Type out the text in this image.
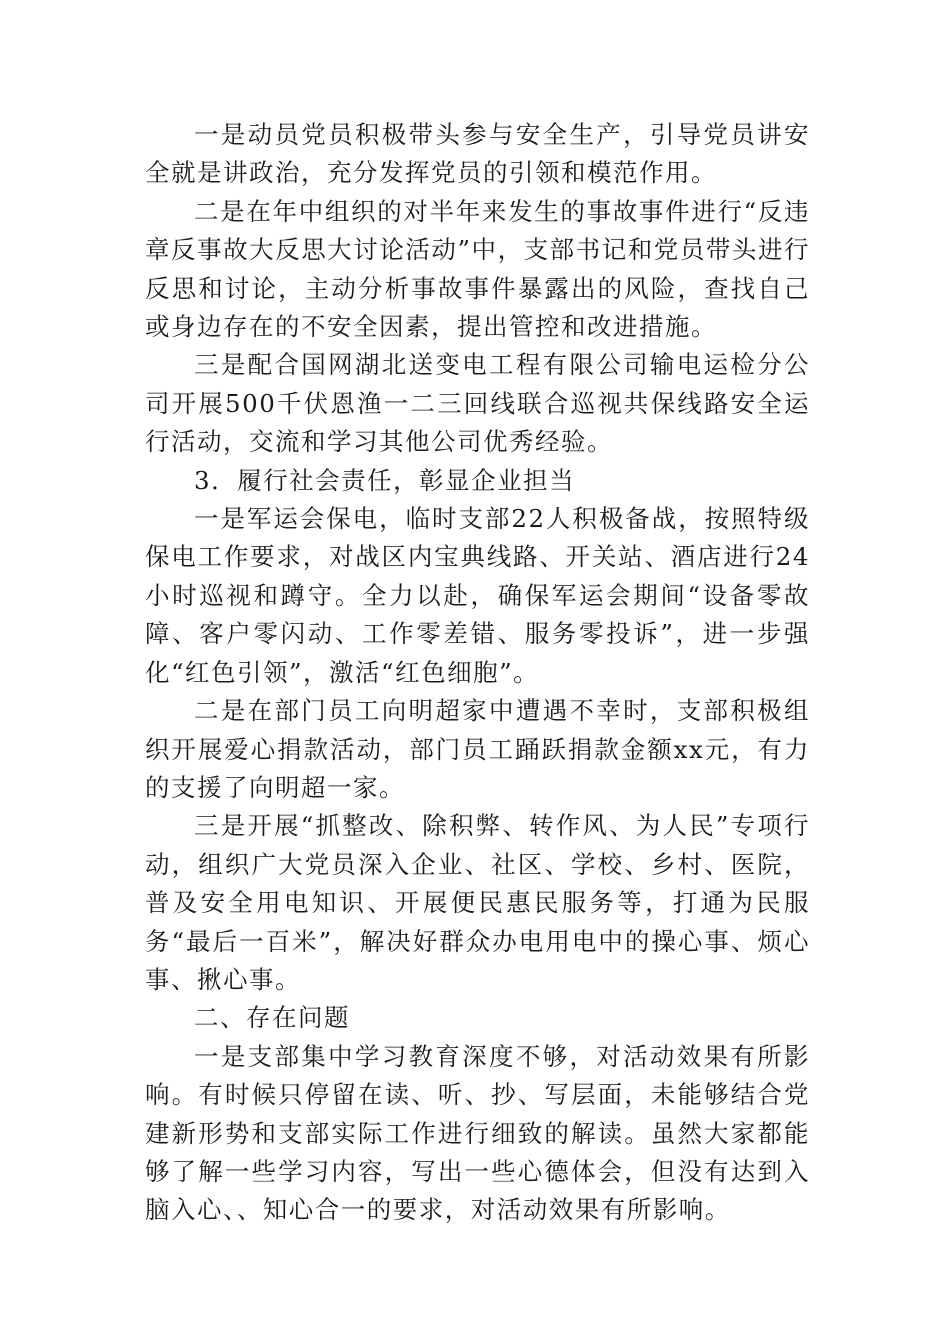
一是动员党员积极带头参与安全生产，引导党员讲安全就是讲政治，充分发挥党员的引领和模范作用。

二是在年中组织的对半年来发生的事故事件进行“反违章反事故大反思大讨论活动”中，支部书记和党员带头进行反思和讨论，主动分析事故事件暴露出的风险，查找自己或身边存在的不安全因素，提出管控和改进措施。

三是配合国网湖北送变电工程有限公司输电运检分公司开展500千伏恩渔一二三回线联合巡视共保线路安全运行活动，交流和学习其他公司优秀经验。

3．履行社会责任，彰显企业担当

一是军运会保电，临时支部22人积极备战，按照特级保电工作要求，对战区内宝典线路、开关站、酒店进行24小时巡视和蹲守。全力以赴，确保军运会期间“设备零故障、客户零闪动、工作零差错、服务零投诉”，进一步强化“红色引领”，激活“红色细胞”。

二是在部门员工向明超家中遭遇不幸时，支部积极组织开展爱心捐款活动，部门员工踊跃捐款金额xx元，有力的支援了向明超一家。

三是开展“抓整改、除积弊、转作风、为人民”专项行动，组织广大党员深入企业、社区、学校、乡村、医院，普及安全用电知识、开展便民惠民服务等，打通为民服务“最后一百米”，解决好群众办电用电中的操心事、烦心事、揪心事。

二、存在问题

一是支部集中学习教育深度不够，对活动效果有所影响。有时候只停留在读、听、抄、写层面，未能够结合党建新形势和支部实际工作进行细致的解读。虽然大家都能够了解一些学习内容，写出一些心德体会，但没有达到入脑入心、、知心合一的要求，对活动效果有所影响。
